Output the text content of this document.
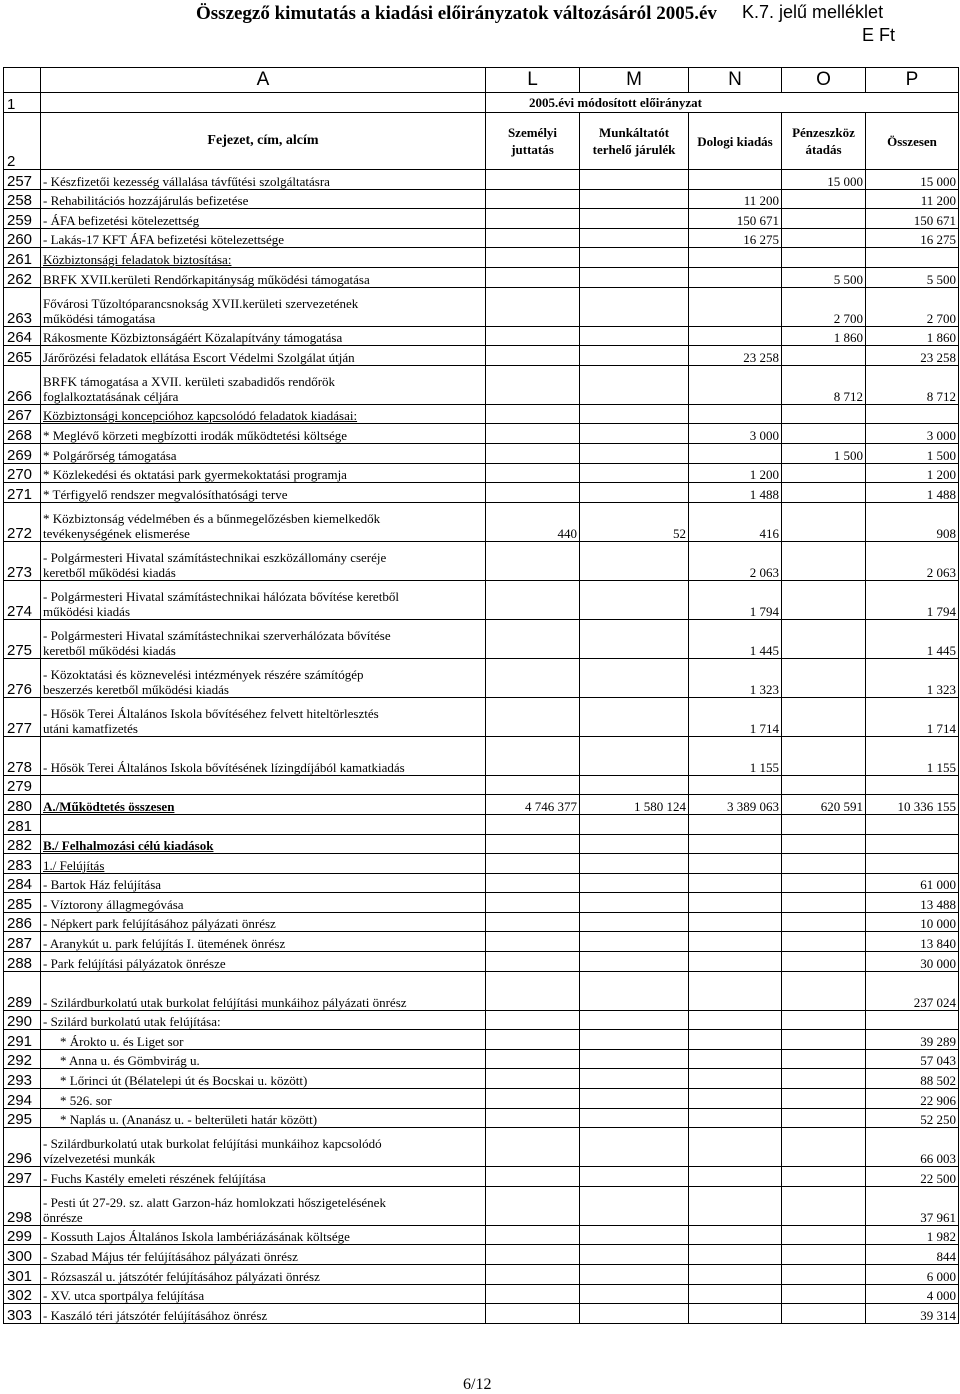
Összegző kimutatás a kiadási előirányzatok változásáról 2005.év K.7. jelű melléklet
E Ft
	A	L	M	N	O	P
1		2005.évi módosított előirányzat				
2	Fejezet, cím, alcím	Személyi juttatás	Munkáltatót terhelő járulék	Dologi kiadás	Pénzeszköz átadás	Összesen
257	- Készfizetői kezesség vállalása távfűtési szolgáltatásra				15 000	15 000
258	- Rehabilitációs hozzájárulás befizetése			11 200		11 200
259	- ÁFA befizetési kötelezettség			150 671		150 671
260	- Lakás-17 KFT ÁFA befizetési kötelezettsége			16 275		16 275
261	Közbiztonsági feladatok biztosítása:					

262	BRFK XVII.kerületi Rendőrkapitányság működési támogatása				5 500	5 500
263	Fővárosi Tűzoltóparancsnokság XVII.kerületi szervezetének
működési támogatása				2 700	2 700
264	Rákosmente Közbiztonságáért Közalapítvány támogatása				1 860	1 860
265	Járőrözési feladatok ellátása Escort Védelmi Szolgálat útján			23 258		23 258
266	BRFK támogatása a XVII. kerületi szabadidős rendőrök
foglalkoztatásának céljára				8 712	8 712
267	Közbiztonsági koncepcióhoz kapcsolódó feladatok kiadásai:					

268	* Meglévő körzeti megbízotti irodák működtetési költsége			3 000		3 000
269	* Polgárőrség támogatása				1 500	1 500
270	* Közlekedési és oktatási park gyermekoktatási programja			1 200		1 200
271	* Térfigyelő rendszer megvalósíthatósági terve			1 488		1 488
272	* Közbiztonság védelmében és a bűnmegelőzésben kiemelkedők
tevékenységének elismerése	440	52	416		908
273	- Polgármesteri Hivatal számítástechnikai eszközállomány cseréje
keretből működési kiadás			2 063		2 063
274	- Polgármesteri Hivatal számítástechnikai hálózata bővítése keretből
működési kiadás			1 794		1 794
275	- Polgármesteri Hivatal számítástechnikai szerverhálózata bővítése
keretből működési kiadás			1 445		1 445
276	- Közoktatási és köznevelési intézmények részére számítógép
beszerzés keretből működési kiadás			1 323		1 323
277	- Hősök Terei Általános Iskola bővítéséhez felvett hiteltörlesztés
utáni kamatfizetés			1 714		1 714
278	- Hősök Terei Általános Iskola bővítésének lízingdíjából kamatkiadás			1 155		1 155
279	

280	A./Működtetés összesen	4 746 377	1 580 124	3 389 063	620 591	10 336 155
281	

282	B./ Felhalmozási célú kiadások					

283	1./ Felújítás					

284	- Bartok Ház felújítása					61 000
285	- Víztorony állagmegóvása					13 488
286	- Népkert park felújításához pályázati önrész					10 000
287	- Aranykút u. park felújítás I. ütemének önrész					13 840
288	- Park felújítási pályázatok önrésze					30 000
289	- Szilárdburkolatú utak burkolat felújítási munkáihoz pályázati önrész					237 024
290	- Szilárd burkolatú utak felújítása:					

291	* Árokto u. és Liget sor					39 289
292	* Anna u. és Gömbvirág u.					57 043
293	* Lőrinci út (Bélatelepi út és Bocskai u. között)					88 502
294	* 526. sor					22 906
295	* Naplás u. (Ananász u. - belterületi határ között)					52 250
296	- Szilárdburkolatú utak burkolat felújítási munkáihoz kapcsolódó
vízelvezetési munkák					66 003
297	- Fuchs Kastély emeleti részének felújítása					22 500
298	- Pesti út 27-29. sz. alatt Garzon-ház homlokzati hőszigetelésének
önrésze					37 961
299	- Kossuth Lajos Általános Iskola lambériázásának költsége					1 982
300	- Szabad Május tér felújításához pályázati önrész					844
301	- Rózsaszál u. játszótér felújításához pályázati önrész					6 000
302	- XV. utca sportpálya felújítása					4 000
303	- Kaszáló téri játszótér felújításához önrész					39 314
6/12
